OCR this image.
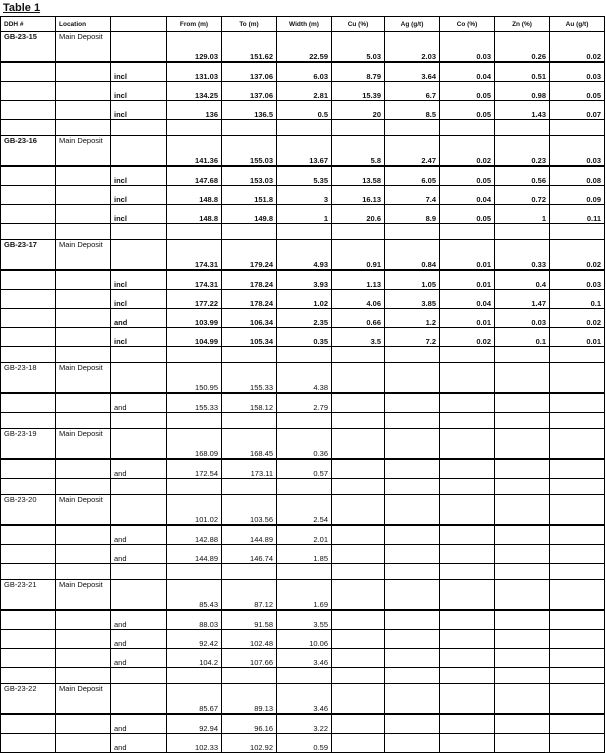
Table 1
DDH #	Location		From (m)	To (m)	Width (m)	Cu (%)	Ag (g/t)	Co (%)	Zn (%)	Au (g/t)
GB-23-15	Main Deposit		129.03	151.62	22.59	5.03	2.03	0.03	0.26	0.02
		incl	131.03	137.06	6.03	8.79	3.64	0.04	0.51	0.03
		incl	134.25	137.06	2.81	15.39	6.7	0.05	0.98	0.05
		incl	136	136.5	0.5	20	8.5	0.05	1.43	0.07

GB-23-16	Main Deposit		141.36	155.03	13.67	5.8	2.47	0.02	0.23	0.03
		incl	147.68	153.03	5.35	13.58	6.05	0.05	0.56	0.08
		incl	148.8	151.8	3	16.13	7.4	0.04	0.72	0.09
		incl	148.8	149.8	1	20.6	8.9	0.05	1	0.11

GB-23-17	Main Deposit		174.31	179.24	4.93	0.91	0.84	0.01	0.33	0.02
		incl	174.31	178.24	3.93	1.13	1.05	0.01	0.4	0.03
		incl	177.22	178.24	1.02	4.06	3.85	0.04	1.47	0.1
		and	103.99	106.34	2.35	0.66	1.2	0.01	0.03	0.02
		incl	104.99	105.34	0.35	3.5	7.2	0.02	0.1	0.01

GB-23-18	Main Deposit		150.95	155.33	4.38					
		and	155.33	158.12	2.79					

GB-23-19	Main Deposit		168.09	168.45	0.36					
		and	172.54	173.11	0.57					

GB-23-20	Main Deposit		101.02	103.56	2.54					
		and	142.88	144.89	2.01					
		and	144.89	146.74	1.85					

GB-23-21	Main Deposit		85.43	87.12	1.69					
		and	88.03	91.58	3.55					
		and	92.42	102.48	10.06					
		and	104.2	107.66	3.46					

GB-23-22	Main Deposit		85.67	89.13	3.46					
		and	92.94	96.16	3.22					
		and	102.33	102.92	0.59					
